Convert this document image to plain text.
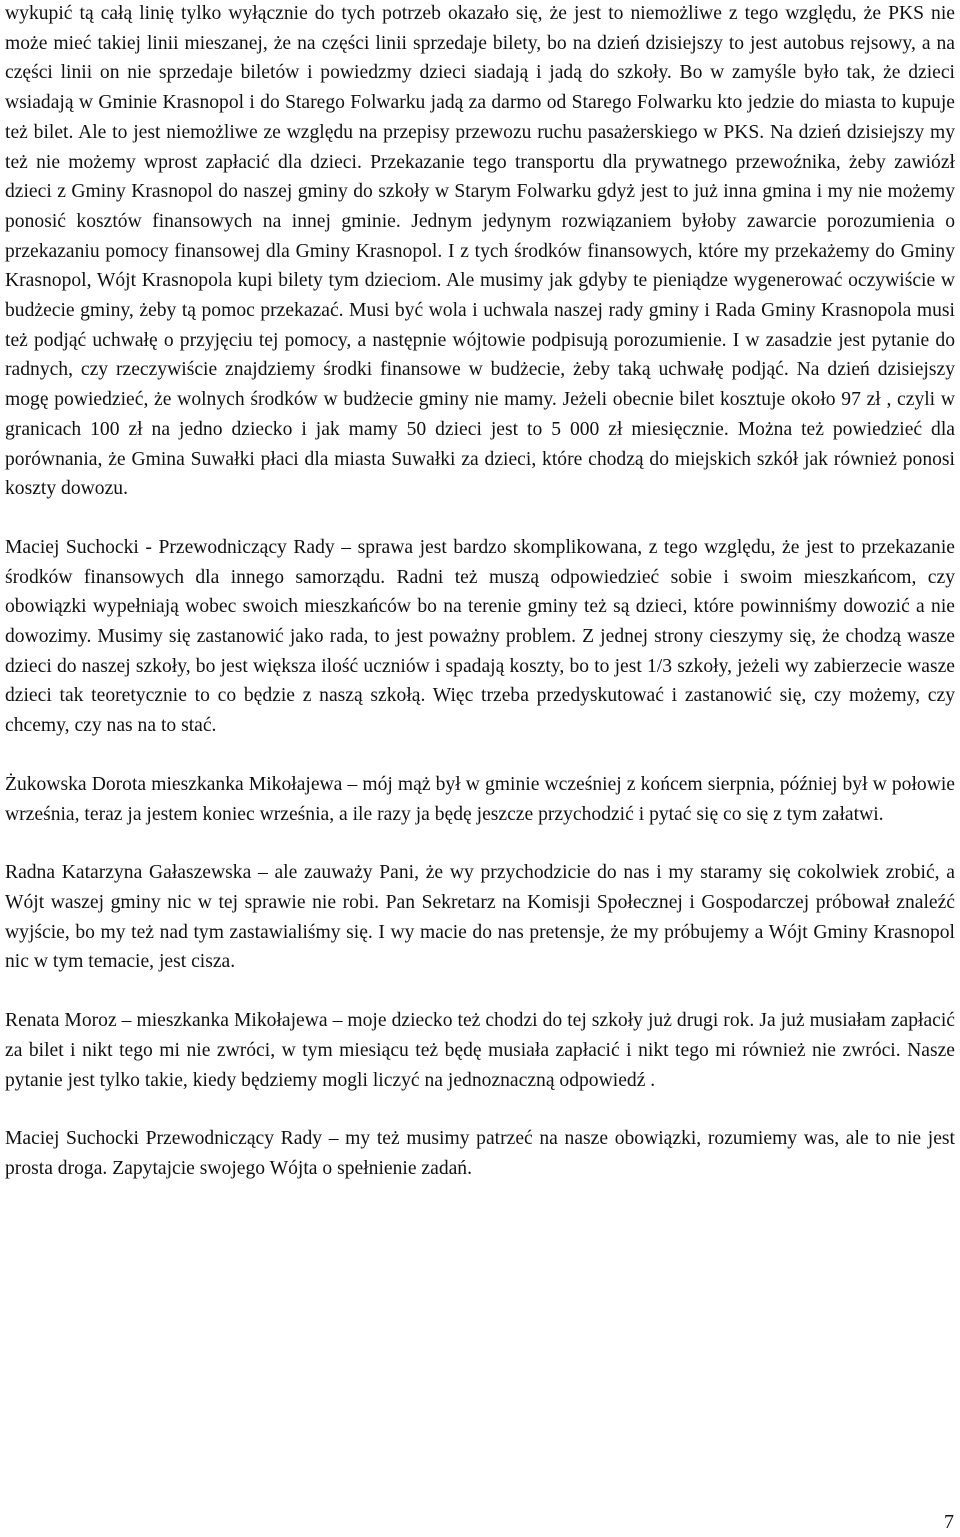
wykupić tą całą linię tylko wyłącznie do tych potrzeb okazało się, że jest to niemożliwe z tego względu, że PKS nie może mieć takiej linii mieszanej, że na części linii sprzedaje bilety, bo na dzień dzisiejszy to jest autobus rejsowy, a na części linii on nie sprzedaje biletów i powiedzmy dzieci siadają i jadą do szkoły. Bo w zamyśle było tak, że dzieci wsiadają w Gminie Krasnopol i do Starego Folwarku jadą za darmo od Starego Folwarku kto jedzie do miasta to kupuje też bilet. Ale to jest niemożliwe ze względu na przepisy przewozu ruchu pasażerskiego w PKS. Na dzień dzisiejszy my też nie możemy wprost zapłacić dla dzieci. Przekazanie tego transportu dla prywatnego przewoźnika, żeby zawiózł dzieci z Gminy Krasnopol do naszej gminy do szkoły w Starym Folwarku gdyż jest to już inna gmina i my nie możemy ponosić kosztów finansowych na innej gminie. Jednym jedynym rozwiązaniem byłoby zawarcie porozumienia o przekazaniu pomocy finansowej dla Gminy Krasnopol. I z tych środków finansowych, które my przekażemy do Gminy Krasnopol, Wójt Krasnopola kupi bilety tym dzieciom. Ale musimy jak gdyby te pieniądze wygenerować oczywiście w budżecie gminy, żeby tą pomoc przekazać. Musi być wola i uchwala naszej rady gminy i Rada Gminy Krasnopola musi też podjąć uchwałę o przyjęciu tej pomocy, a następnie wójtowie podpisują porozumienie. I w zasadzie jest pytanie do radnych, czy rzeczywiście znajdziemy środki finansowe w budżecie, żeby taką uchwałę podjąć. Na dzień dzisiejszy mogę powiedzieć, że wolnych środków w budżecie gminy nie mamy. Jeżeli obecnie bilet kosztuje około 97 zł , czyli w granicach 100 zł na jedno dziecko i jak mamy 50 dzieci jest to 5 000 zł miesięcznie. Można też powiedzieć dla porównania, że Gmina Suwałki płaci dla miasta Suwałki za dzieci, które chodzą do miejskich szkół jak również ponosi koszty dowozu.

Maciej Suchocki - Przewodniczący Rady – sprawa jest bardzo skomplikowana, z tego względu, że jest to przekazanie środków finansowych dla innego samorządu. Radni też muszą odpowiedzieć sobie i swoim mieszkańcom, czy obowiązki wypełniają wobec swoich mieszkańców bo na terenie gminy też są dzieci, które powinniśmy dowozić a nie dowozimy. Musimy się zastanowić jako rada, to jest poważny problem. Z jednej strony cieszymy się, że chodzą wasze dzieci do naszej szkoły, bo jest większa ilość uczniów i spadają koszty, bo to jest 1/3 szkoły, jeżeli wy zabierzecie wasze dzieci tak teoretycznie to co będzie z naszą szkołą. Więc trzeba przedyskutować i zastanowić się, czy możemy, czy chcemy, czy nas na to stać.

Żukowska Dorota mieszkanka Mikołajewa – mój mąż był w gminie wcześniej z końcem sierpnia, później był w połowie września, teraz ja jestem koniec września, a ile razy ja będę jeszcze przychodzić i pytać się co się z tym załatwi.

Radna Katarzyna Gałaszewska – ale zauważy Pani, że wy przychodzicie do nas i my staramy się cokolwiek zrobić, a Wójt waszej gminy nic w tej sprawie nie robi. Pan Sekretarz na Komisji Społecznej i Gospodarczej próbował znaleźć wyjście, bo my też nad tym zastawialiśmy się. I wy macie do nas pretensje, że my próbujemy a Wójt Gminy Krasnopol nic w tym temacie, jest cisza.

Renata Moroz – mieszkanka Mikołajewa – moje dziecko też chodzi do tej szkoły już drugi rok. Ja już musiałam zapłacić za bilet i nikt tego mi nie zwróci, w tym miesiącu też będę musiała zapłacić i nikt tego mi również nie zwróci. Nasze pytanie jest tylko takie, kiedy będziemy mogli liczyć na jednoznaczną odpowiedź .

Maciej Suchocki Przewodniczący Rady – my też musimy patrzeć na nasze obowiązki, rozumiemy was, ale to nie jest prosta droga. Zapytajcie swojego Wójta o spełnienie zadań.

7
